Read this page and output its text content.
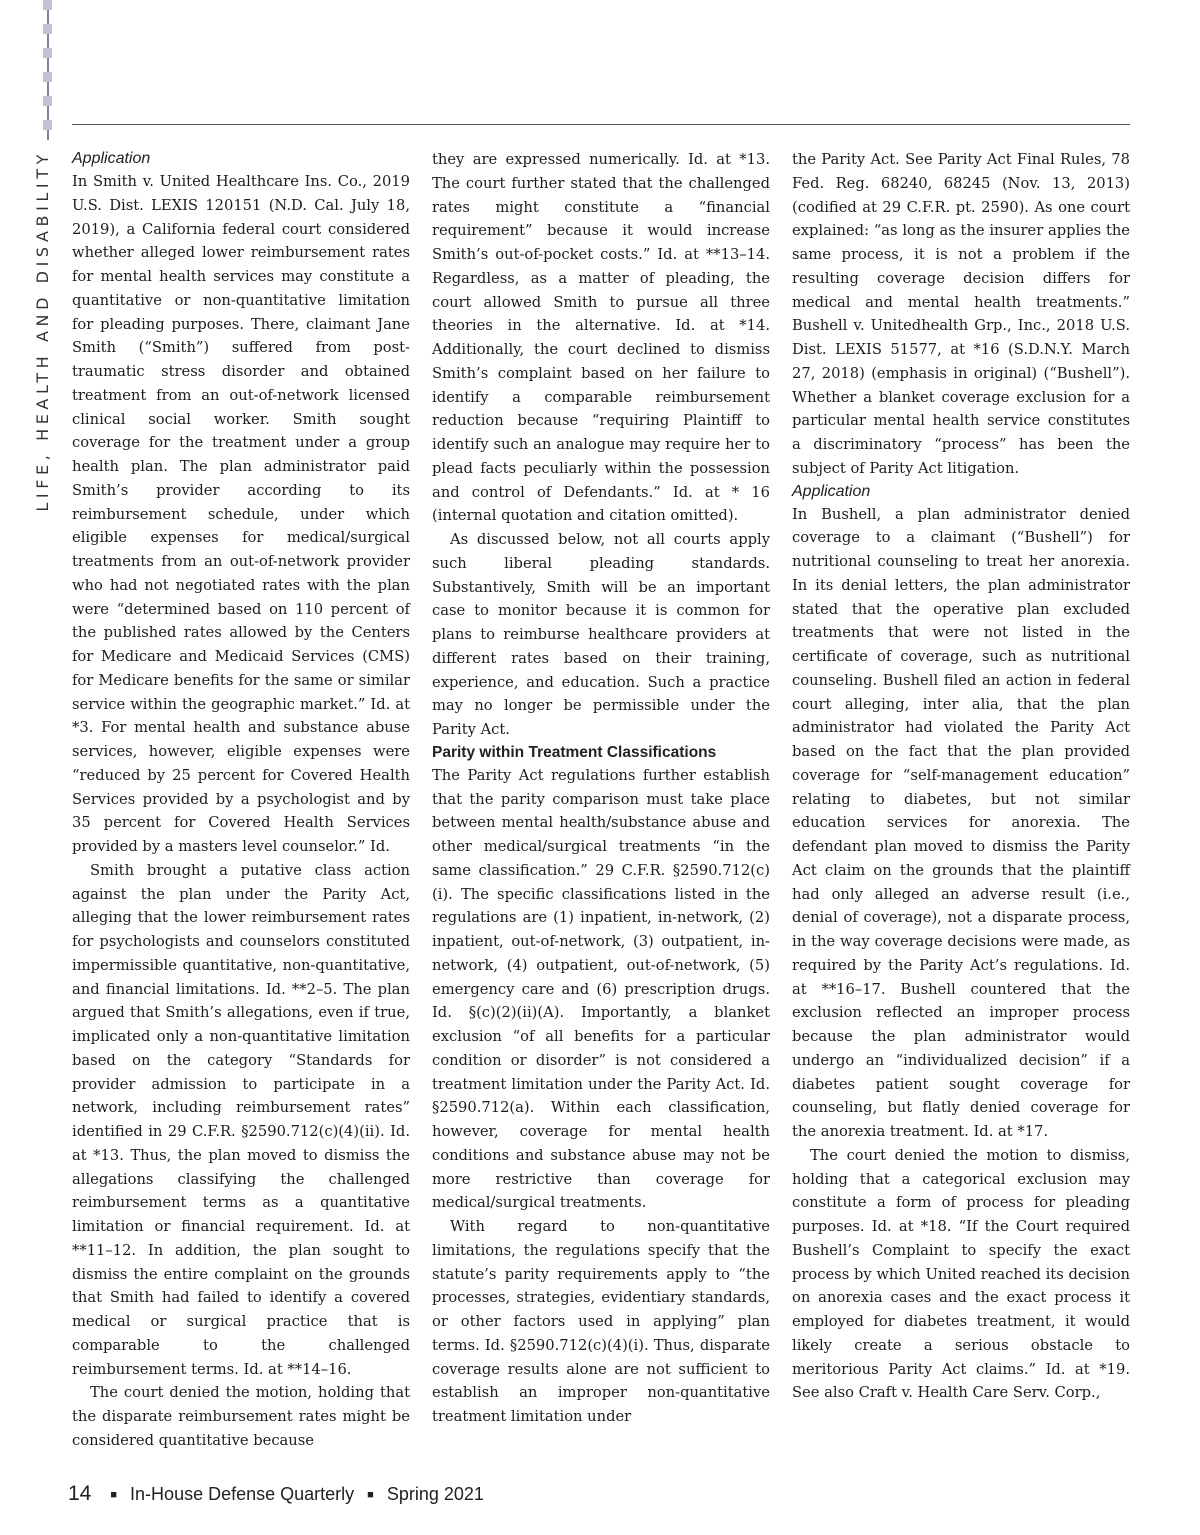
LIFE, HEALTH AND DISABILITY Application

In Smith v. United Healthcare Ins. Co., 2019 U.S. Dist. LEXIS 120151 (N.D. Cal. July 18, 2019), a California federal court considered whether alleged lower reimbursement rates for mental health services may constitute a quantitative or non-quantitative limitation for pleading purposes. There, claimant Jane Smith (“Smith”) suffered from post-traumatic stress disorder and obtained treatment from an out-of-network licensed clinical social worker. Smith sought coverage for the treatment under a group health plan. The plan administrator paid Smith’s provider according to its reimbursement schedule, under which eligible expenses for medical/surgical treatments from an out-of-network provider who had not negotiated rates with the plan were “determined based on 110 percent of the published rates allowed by the Centers for Medicare and Medicaid Services (CMS) for Medicare benefits for the same or similar service within the geographic market.” Id. at *3. For mental health and substance abuse services, however, eligible expenses were “reduced by 25 percent for Covered Health Services provided by a psychologist and by 35 percent for Covered Health Services provided by a masters level counselor.” Id.

Smith brought a putative class action against the plan under the Parity Act, alleging that the lower reimbursement rates for psychologists and counselors constituted impermissible quantitative, non-quantitative, and financial limitations. Id. **2–5. The plan argued that Smith’s allegations, even if true, implicated only a non-quantitative limitation based on the category “Standards for provider admission to participate in a network, including reimbursement rates” identified in 29 C.F.R. §2590.712(c)(4)(ii). Id. at *13. Thus, the plan moved to dismiss the allegations classifying the challenged reimbursement terms as a quantitative limitation or financial requirement. Id. at **11–12. In addition, the plan sought to dismiss the entire complaint on the grounds that Smith had failed to identify a covered medical or surgical practice that is comparable to the challenged reimbursement terms. Id. at **14–16.

The court denied the motion, holding that the disparate reimbursement rates might be considered quantitative because

they are expressed numerically. Id. at *13. The court further stated that the challenged rates might constitute a “financial requirement” because it would increase Smith’s out-of-pocket costs.” Id. at **13–14. Regardless, as a matter of pleading, the court allowed Smith to pursue all three theories in the alternative. Id. at *14. Additionally, the court declined to dismiss Smith’s complaint based on her failure to identify a comparable reimbursement reduction because “requiring Plaintiff to identify such an analogue may require her to plead facts peculiarly within the possession and control of Defendants.” Id. at * 16 (internal quotation and citation omitted).

As discussed below, not all courts apply such liberal pleading standards. Substantively, Smith will be an important case to monitor because it is common for plans to reimburse healthcare providers at different rates based on their training, experience, and education. Such a practice may no longer be permissible under the Parity Act.

Parity within Treatment Classifications

The Parity Act regulations further establish that the parity comparison must take place between mental health/substance abuse and other medical/surgical treatments “in the same classification.” 29 C.F.R. §2590.712(c)(i). The specific classifications listed in the regulations are (1) inpatient, in-network, (2) inpatient, out-of-network, (3) outpatient, in-network, (4) outpatient, out-of-network, (5) emergency care and (6) prescription drugs. Id. §(c)(2)(ii)(A). Importantly, a blanket exclusion “of all benefits for a particular condition or disorder” is not considered a treatment limitation under the Parity Act. Id. §2590.712(a). Within each classification, however, coverage for mental health conditions and substance abuse may not be more restrictive than coverage for medical/surgical treatments.

With regard to non-quantitative limitations, the regulations specify that the statute’s parity requirements apply to “the processes, strategies, evidentiary standards, or other factors used in applying” plan terms. Id. §2590.712(c)(4)(i). Thus, disparate coverage results alone are not sufficient to establish an improper non-quantitative treatment limitation under

the Parity Act. See Parity Act Final Rules, 78 Fed. Reg. 68240, 68245 (Nov. 13, 2013) (codified at 29 C.F.R. pt. 2590). As one court explained: “as long as the insurer applies the same process, it is not a problem if the resulting coverage decision differs for medical and mental health treatments.” Bushell v. Unitedhealth Grp., Inc., 2018 U.S. Dist. LEXIS 51577, at *16 (S.D.N.Y. March 27, 2018) (emphasis in original) (“Bushell”). Whether a blanket coverage exclusion for a particular mental health service constitutes a discriminatory “process” has been the subject of Parity Act litigation.

Application

In Bushell, a plan administrator denied coverage to a claimant (“Bushell”) for nutritional counseling to treat her anorexia. In its denial letters, the plan administrator stated that the operative plan excluded treatments that were not listed in the certificate of coverage, such as nutritional counseling. Bushell filed an action in federal court alleging, inter alia, that the plan administrator had violated the Parity Act based on the fact that the plan provided coverage for “self-management education” relating to diabetes, but not similar education services for anorexia. The defendant plan moved to dismiss the Parity Act claim on the grounds that the plaintiff had only alleged an adverse result (i.e., denial of coverage), not a disparate process, in the way coverage decisions were made, as required by the Parity Act’s regulations. Id. at **16–17. Bushell countered that the exclusion reflected an improper process because the plan administrator would undergo an “individualized decision” if a diabetes patient sought coverage for counseling, but flatly denied coverage for the anorexia treatment. Id. at *17.

The court denied the motion to dismiss, holding that a categorical exclusion may constitute a form of process for pleading purposes. Id. at *18. “If the Court required Bushell’s Complaint to specify the exact process by which United reached its decision on anorexia cases and the exact process it employed for diabetes treatment, it would likely create a serious obstacle to meritorious Parity Act claims.” Id. at *19. See also Craft v. Health Care Serv. Corp.,

14 ■ In-House Defense Quarterly ■ Spring 2021
